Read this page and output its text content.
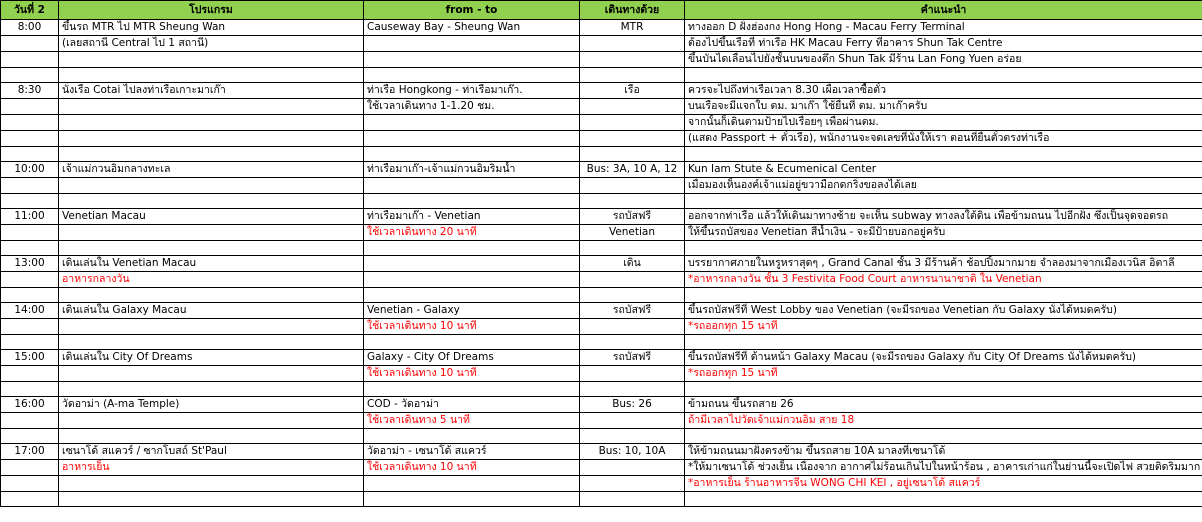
วันที่ 2	โปรแกรม	from - to	เดินทางด้วย	คำแนะนำ
8:00	ขึ้นรถ MTR ไป MTR Sheung Wan	Causeway Bay - Sheung Wan	MTR	ทางออก D ฝั่งฮ่องกง Hong Hong - Macau Ferry Terminal
	(เลยสถานี Central ไป 1 สถานี)			ต้องไปขึ้นเรือที่ ท่าเรือ HK Macau Ferry ที่อาคาร Shun Tak Centre
				ขึ้นบันไดเลื่อนไปยังชั้นบนของตึก Shun Tak มีร้าน Lan Fong Yuen อร่อย

8:30	นั่งเรือ Cotai ไปลงท่าเรือเกาะมาเก๊า	ท่าเรือ Hongkong - ท่าเรือมาเก๊า.	เรือ	ควรจะไปถึงท่าเรือเวลา 8.30 เผื่อเวลาซื้อตั๋ว
		ใช้เวลาเดินทาง 1-1.20 ชม.		บนเรือจะมีแจกใบ ตม. มาเก๊า ใช้ยื่นที่ ตม. มาเก๊าครับ
				จากนั้นก็เดินตามป้ายไปเรื่อยๆ เพื่อผ่านตม.
				(แสดง Passport + ตั๋วเรือ), พนักงานจะจดเลขที่นั่งให้เรา ตอนที่ยื่นตั๋วตรงท่าเรือ

10:00	เจ้าแม่กวนอิมกลางทะเล	ท่าเรือมาเก๊า-เจ้าแม่กวนอิมริมน้ำ	Bus: 3A, 10 A, 12	Kun Iam Stute & Ecumenical Center
				เมื่อมองเห็นองค์เจ้าแม่อยู่ขวามือกดกริ่งขอลงได้เลย

11:00	Venetian Macau	ท่าเรือมาเก๊า - Venetian	รถบัสฟรี	ออกจากท่าเรือ แล้วให้เดินมาทางซ้าย จะเห็น subway ทางลงใต้ดิน เพื่อข้ามถนน ไปอีกฝั่ง ซึ่งเป็นจุดจอดรถ
		ใช้เวลาเดินทาง 20 นาที	Venetian	ให้ขึ้นรถบัสของ Venetian สีน้ำเงิน - จะมีป้ายบอกอยู่ครับ

13:00	เดินเล่นใน Venetian Macau		เดิน	บรรยากาศภายในหรูหราสุดๆ , Grand Canal ชั้น 3 มีร้านค้า ช้อปปิ้งมากมาย จำลองมาจากเมืองเวนิส อิตาลี
	อาหารกลางวัน			*อาหารกลางวัน ชั้น 3 Festivita Food Court อาหารนานาชาติ ใน Venetian

14:00	เดินเล่นใน Galaxy Macau	Venetian - Galaxy	รถบัสฟรี	ขึ้นรถบัสฟรีที่ West Lobby ของ Venetian (จะมีรถของ Venetian กับ Galaxy นั่งได้หมดครับ)
		ใช้เวลาเดินทาง 10 นาที		*รถออกทุก 15 นาที

15:00	เดินเล่นใน City Of Dreams	Galaxy - City Of Dreams	รถบัสฟรี	ขึ้นรถบัสฟรีที่ ด้านหน้า Galaxy Macau (จะมีรถของ Galaxy กับ City Of Dreams นั่งได้หมดครับ)
		ใช้เวลาเดินทาง 10 นาที		*รถออกทุก 15 นาที

16:00	วัดอาม่า (A-ma Temple)	COD - วัดอาม่า	Bus: 26	ข้ามถนน ขึ้นรถสาย 26
		ใช้เวลาเดินทาง 5 นาที		ถ้ามีเวลาไปวัดเจ้าแม่กวนอิม สาย 18

17:00	เซนาโด้ สแควร์ / ซากโบสถ์ St'Paul	วัดอาม่า - เซนาโด้ สแควร์	Bus: 10, 10A	ให้ข้ามถนนมาฝั่งตรงข้าม ขึ้นรถสาย 10A มาลงที่เซนาโด้
	อาหารเย็น	ใช้เวลาเดินทาง 10 นาที		*ให้มาเซนาโด้ ช่วงเย็น เนื่องจาก อากาศไม่ร้อนเกินไปในหน้าร้อน , อาคารเก่าแก่ในย่านนี้จะเปิดไฟ สวยติดริมมาก
				*อาหารเย็น ร้านอาหารจีน WONG CHI KEI , อยู่เซนาโด้ สแควร์
